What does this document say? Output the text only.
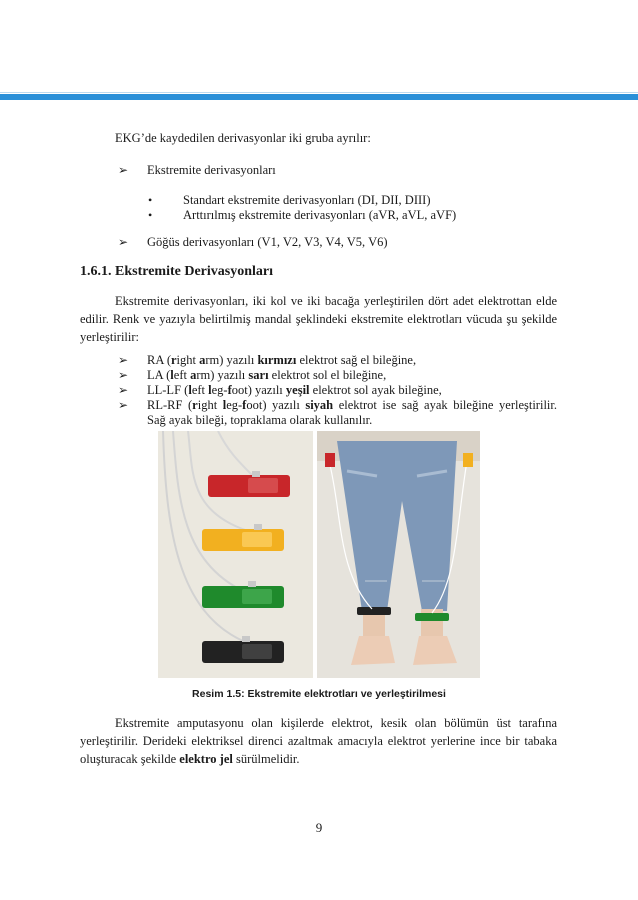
EKG’de kaydedilen derivasyonlar iki gruba ayrılır:
➢ Ekstremite derivasyonları
• Standart ekstremite derivasyonları (DI, DII, DIII)
• Arttırılmış ekstremite derivasyonları (aVR, aVL, aVF)
➢ Göğüs derivasyonları (V1, V2, V3, V4, V5, V6)
1.6.1. Ekstremite Derivasyonları
Ekstremite derivasyonları, iki kol ve iki bacağa yerleştirilen dört adet elektrottan elde edilir. Renk ve yazıyla belirtilmiş mandal şeklindeki ekstremite elektrotları vücuda şu şekilde yerleştirilir:
➢ RA (right arm) yazılı kırmızı elektrot sağ el bileğine,
➢ LA (left arm) yazılı sarı elektrot sol el bileğine,
➢ LL-LF (left leg-foot) yazılı yeşil elektrot sol ayak bileğine,
➢ RL-RF (right leg-foot) yazılı siyah elektrot ise sağ ayak bileğine yerleştirilir.
Sağ ayak bileği, topraklama olarak kullanılır.
Resim 1.5: Ekstremite elektrotları ve yerleştirilmesi
Ekstremite amputasyonu olan kişilerde elektrot, kesik olan bölümün üst tarafına yerleştirilir. Derideki elektriksel direnci azaltmak amacıyla elektrot yerlerine ince bir tabaka oluşturacak şekilde elektro jel sürülmelidir.
9
